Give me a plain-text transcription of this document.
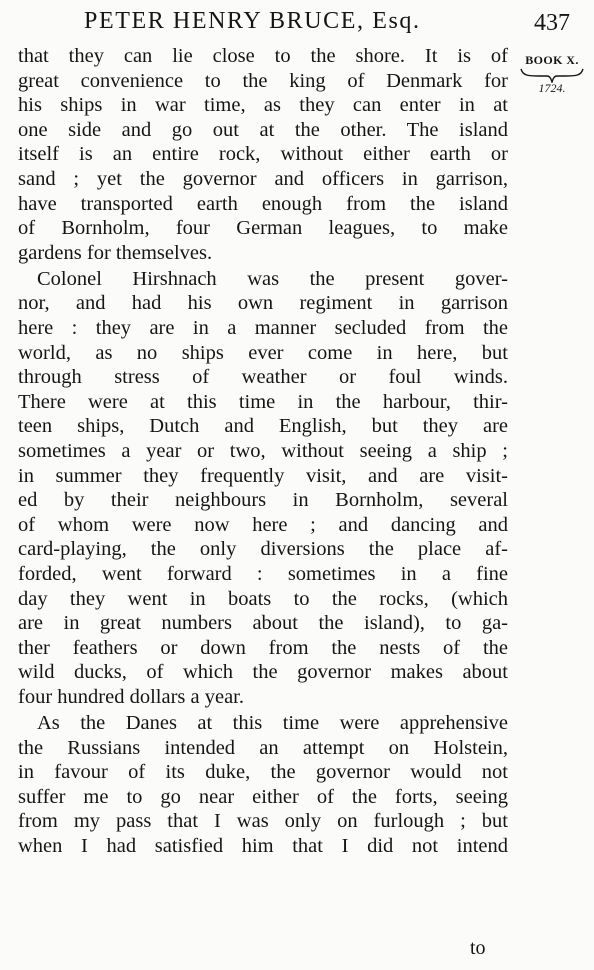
PETER HENRY BRUCE, Esq.	437
BOOK X.
1724.
that they can lie close to the shore. It is of
great convenience to the king of Denmark for
his ships in war time, as they can enter in at
one side and go out at the other. The island
itself is an entire rock, without either earth or
sand ; yet the governor and officers in garrison,
have transported earth enough from the island
of Bornholm, four German leagues, to make
gardens for themselves.
Colonel Hirshnach was the present gover-
nor, and had his own regiment in garrison
here : they are in a manner secluded from the
world, as no ships ever come in here, but
through stress of weather or foul winds.
There were at this time in the harbour, thir-
teen ships, Dutch and English, but they are
sometimes a year or two, without seeing a ship ;
in summer they frequently visit, and are visit-
ed by their neighbours in Bornholm, several
of whom were now here ; and dancing and
card-playing, the only diversions the place af-
forded, went forward : sometimes in a fine
day they went in boats to the rocks, (which
are in great numbers about the island), to ga-
ther feathers or down from the nests of the
wild ducks, of which the governor makes about
four hundred dollars a year.
As the Danes at this time were apprehensive
the Russians intended an attempt on Holstein,
in favour of its duke, the governor would not
suffer me to go near either of the forts, seeing
from my pass that I was only on furlough ; but
when I had satisfied him that I did not intend
to
